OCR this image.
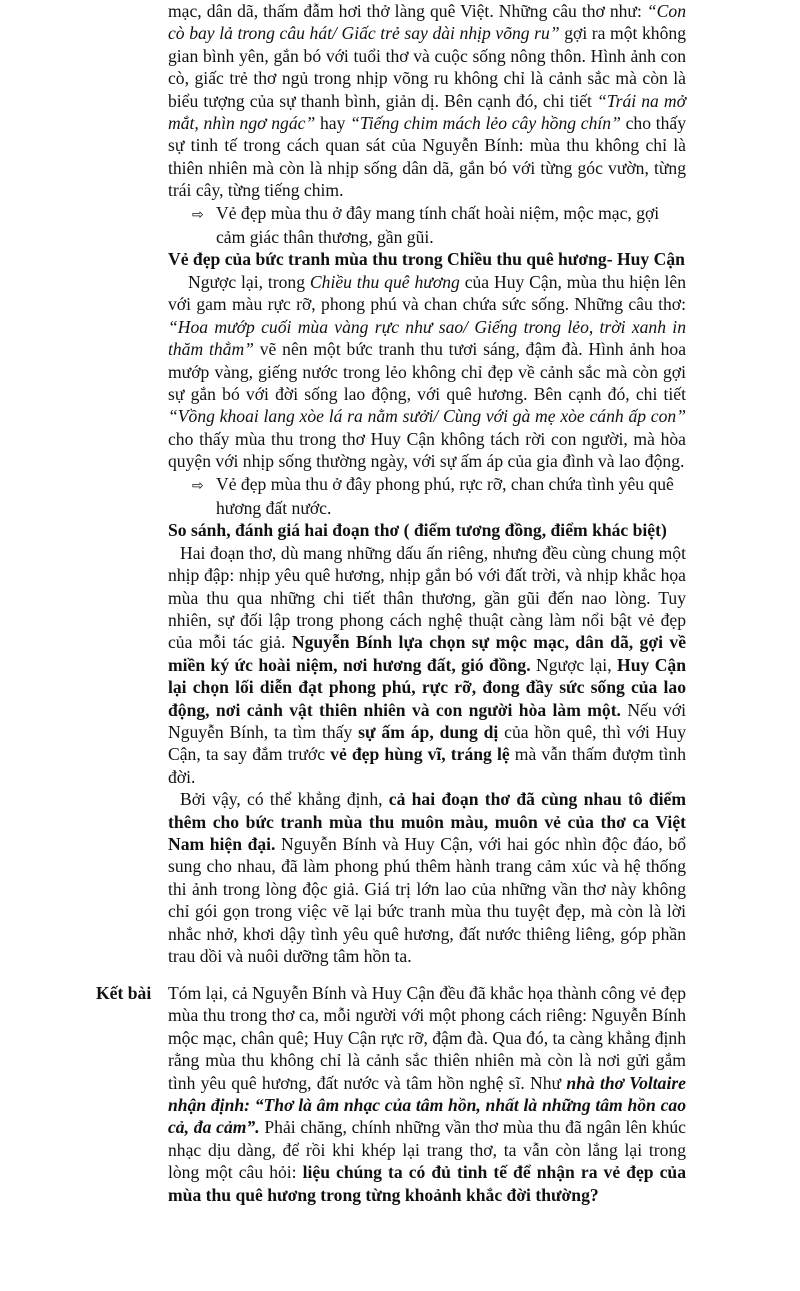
mạc, dân dã, thấm đẫm hơi thở làng quê Việt. Những câu thơ như: “Con cò bay lả trong câu hát/ Giấc trẻ say dài nhịp võng ru” gợi ra một không gian bình yên, gắn bó với tuổi thơ và cuộc sống nông thôn. Hình ảnh con cò, giấc trẻ thơ ngủ trong nhịp võng ru không chỉ là cảnh sắc mà còn là biểu tượng của sự thanh bình, giản dị. Bên cạnh đó, chi tiết “Trái na mở mắt, nhìn ngơ ngác” hay “Tiếng chim mách lẻo cây hồng chín” cho thấy sự tinh tế trong cách quan sát của Nguyễn Bính: mùa thu không chỉ là thiên nhiên mà còn là nhịp sống dân dã, gắn bó với từng góc vườn, từng trái cây, từng tiếng chim.

⇨ Vẻ đẹp mùa thu ở đây mang tính chất hoài niệm, mộc mạc, gợi cảm giác thân thương, gần gũi.

Vẻ đẹp của bức tranh mùa thu trong Chiều thu quê hương- Huy Cận

Ngược lại, trong Chiều thu quê hương của Huy Cận, mùa thu hiện lên với gam màu rực rỡ, phong phú và chan chứa sức sống. Những câu thơ: “Hoa mướp cuối mùa vàng rực như sao/ Giếng trong lẻo, trời xanh in thăm thẳm” vẽ nên một bức tranh thu tươi sáng, đậm đà. Hình ảnh hoa mướp vàng, giếng nước trong lẻo không chỉ đẹp về cảnh sắc mà còn gợi sự gắn bó với đời sống lao động, với quê hương. Bên cạnh đó, chi tiết “Vồng khoai lang xòe lá ra nằm sưởi/ Cùng với gà mẹ xòe cánh ấp con” cho thấy mùa thu trong thơ Huy Cận không tách rời con người, mà hòa quyện với nhịp sống thường ngày, với sự ấm áp của gia đình và lao động.

⇨ Vẻ đẹp mùa thu ở đây phong phú, rực rỡ, chan chứa tình yêu quê hương đất nước.

So sánh, đánh giá hai đoạn thơ ( điểm tương đồng, điểm khác biệt)

Hai đoạn thơ, dù mang những dấu ấn riêng, nhưng đều cùng chung một nhịp đập: nhịp yêu quê hương, nhịp gắn bó với đất trời, và nhịp khắc họa mùa thu qua những chi tiết thân thương, gần gũi đến nao lòng. Tuy nhiên, sự đối lập trong phong cách nghệ thuật càng làm nổi bật vẻ đẹp của mỗi tác giả. Nguyễn Bính lựa chọn sự mộc mạc, dân dã, gợi về miền ký ức hoài niệm, nơi hương đất, gió đồng. Ngược lại, Huy Cận lại chọn lối diễn đạt phong phú, rực rỡ, đong đầy sức sống của lao động, nơi cảnh vật thiên nhiên và con người hòa làm một. Nếu với Nguyễn Bính, ta tìm thấy sự ấm áp, dung dị của hồn quê, thì với Huy Cận, ta say đắm trước vẻ đẹp hùng vĩ, tráng lệ mà vẫn thấm đượm tình đời.

Bởi vậy, có thể khẳng định, cả hai đoạn thơ đã cùng nhau tô điểm thêm cho bức tranh mùa thu muôn màu, muôn vẻ của thơ ca Việt Nam hiện đại. Nguyễn Bính và Huy Cận, với hai góc nhìn độc đáo, bổ sung cho nhau, đã làm phong phú thêm hành trang cảm xúc và hệ thống thi ảnh trong lòng độc giả. Giá trị lớn lao của những vần thơ này không chỉ gói gọn trong việc vẽ lại bức tranh mùa thu tuyệt đẹp, mà còn là lời nhắc nhở, khơi dậy tình yêu quê hương, đất nước thiêng liêng, góp phần trau dồi và nuôi dưỡng tâm hồn ta.

Kết bài Tóm lại, cả Nguyễn Bính và Huy Cận đều đã khắc họa thành công vẻ đẹp mùa thu trong thơ ca, mỗi người với một phong cách riêng: Nguyễn Bính mộc mạc, chân quê; Huy Cận rực rỡ, đậm đà. Qua đó, ta càng khẳng định rằng mùa thu không chỉ là cảnh sắc thiên nhiên mà còn là nơi gửi gắm tình yêu quê hương, đất nước và tâm hồn nghệ sĩ. Như nhà thơ Voltaire nhận định: “Thơ là âm nhạc của tâm hồn, nhất là những tâm hồn cao cả, đa cảm”. Phải chăng, chính những vần thơ mùa thu đã ngân lên khúc nhạc dịu dàng, để rồi khi khép lại trang thơ, ta vẫn còn lắng lại trong lòng một câu hỏi: liệu chúng ta có đủ tinh tế để nhận ra vẻ đẹp của mùa thu quê hương trong từng khoảnh khắc đời thường?
